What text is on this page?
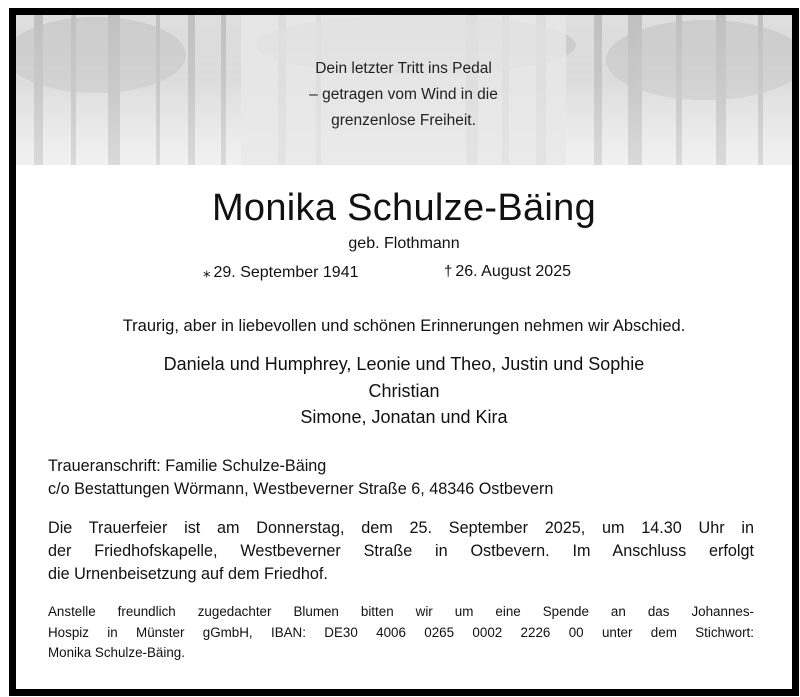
Dein letzter Tritt ins Pedal
– getragen vom Wind in die
grenzenlose Freiheit.
Monika Schulze-Bäing
geb. Flothmann
⁎ 29. September 1941	† 26. August 2025
Traurig, aber in liebevollen und schönen Erinnerungen nehmen wir Abschied.
Daniela und Humphrey, Leonie und Theo, Justin und Sophie
Christian
Simone, Jonatan und Kira
Traueranschrift: Familie Schulze-Bäing
c/o Bestattungen Wörmann, Westbeverner Straße 6, 48346 Ostbevern
Die Trauerfeier ist am Donnerstag, dem 25. September 2025, um 14.30 Uhr in
der Friedhofskapelle, Westbeverner Straße in Ostbevern. Im Anschluss erfolgt
die Urnenbeisetzung auf dem Friedhof.
Anstelle freundlich zugedachter Blumen bitten wir um eine Spende an das Johannes-
Hospiz in Münster gGmbH, IBAN: DE30 4006 0265 0002 2226 00 unter dem Stichwort:
Monika Schulze-Bäing.
